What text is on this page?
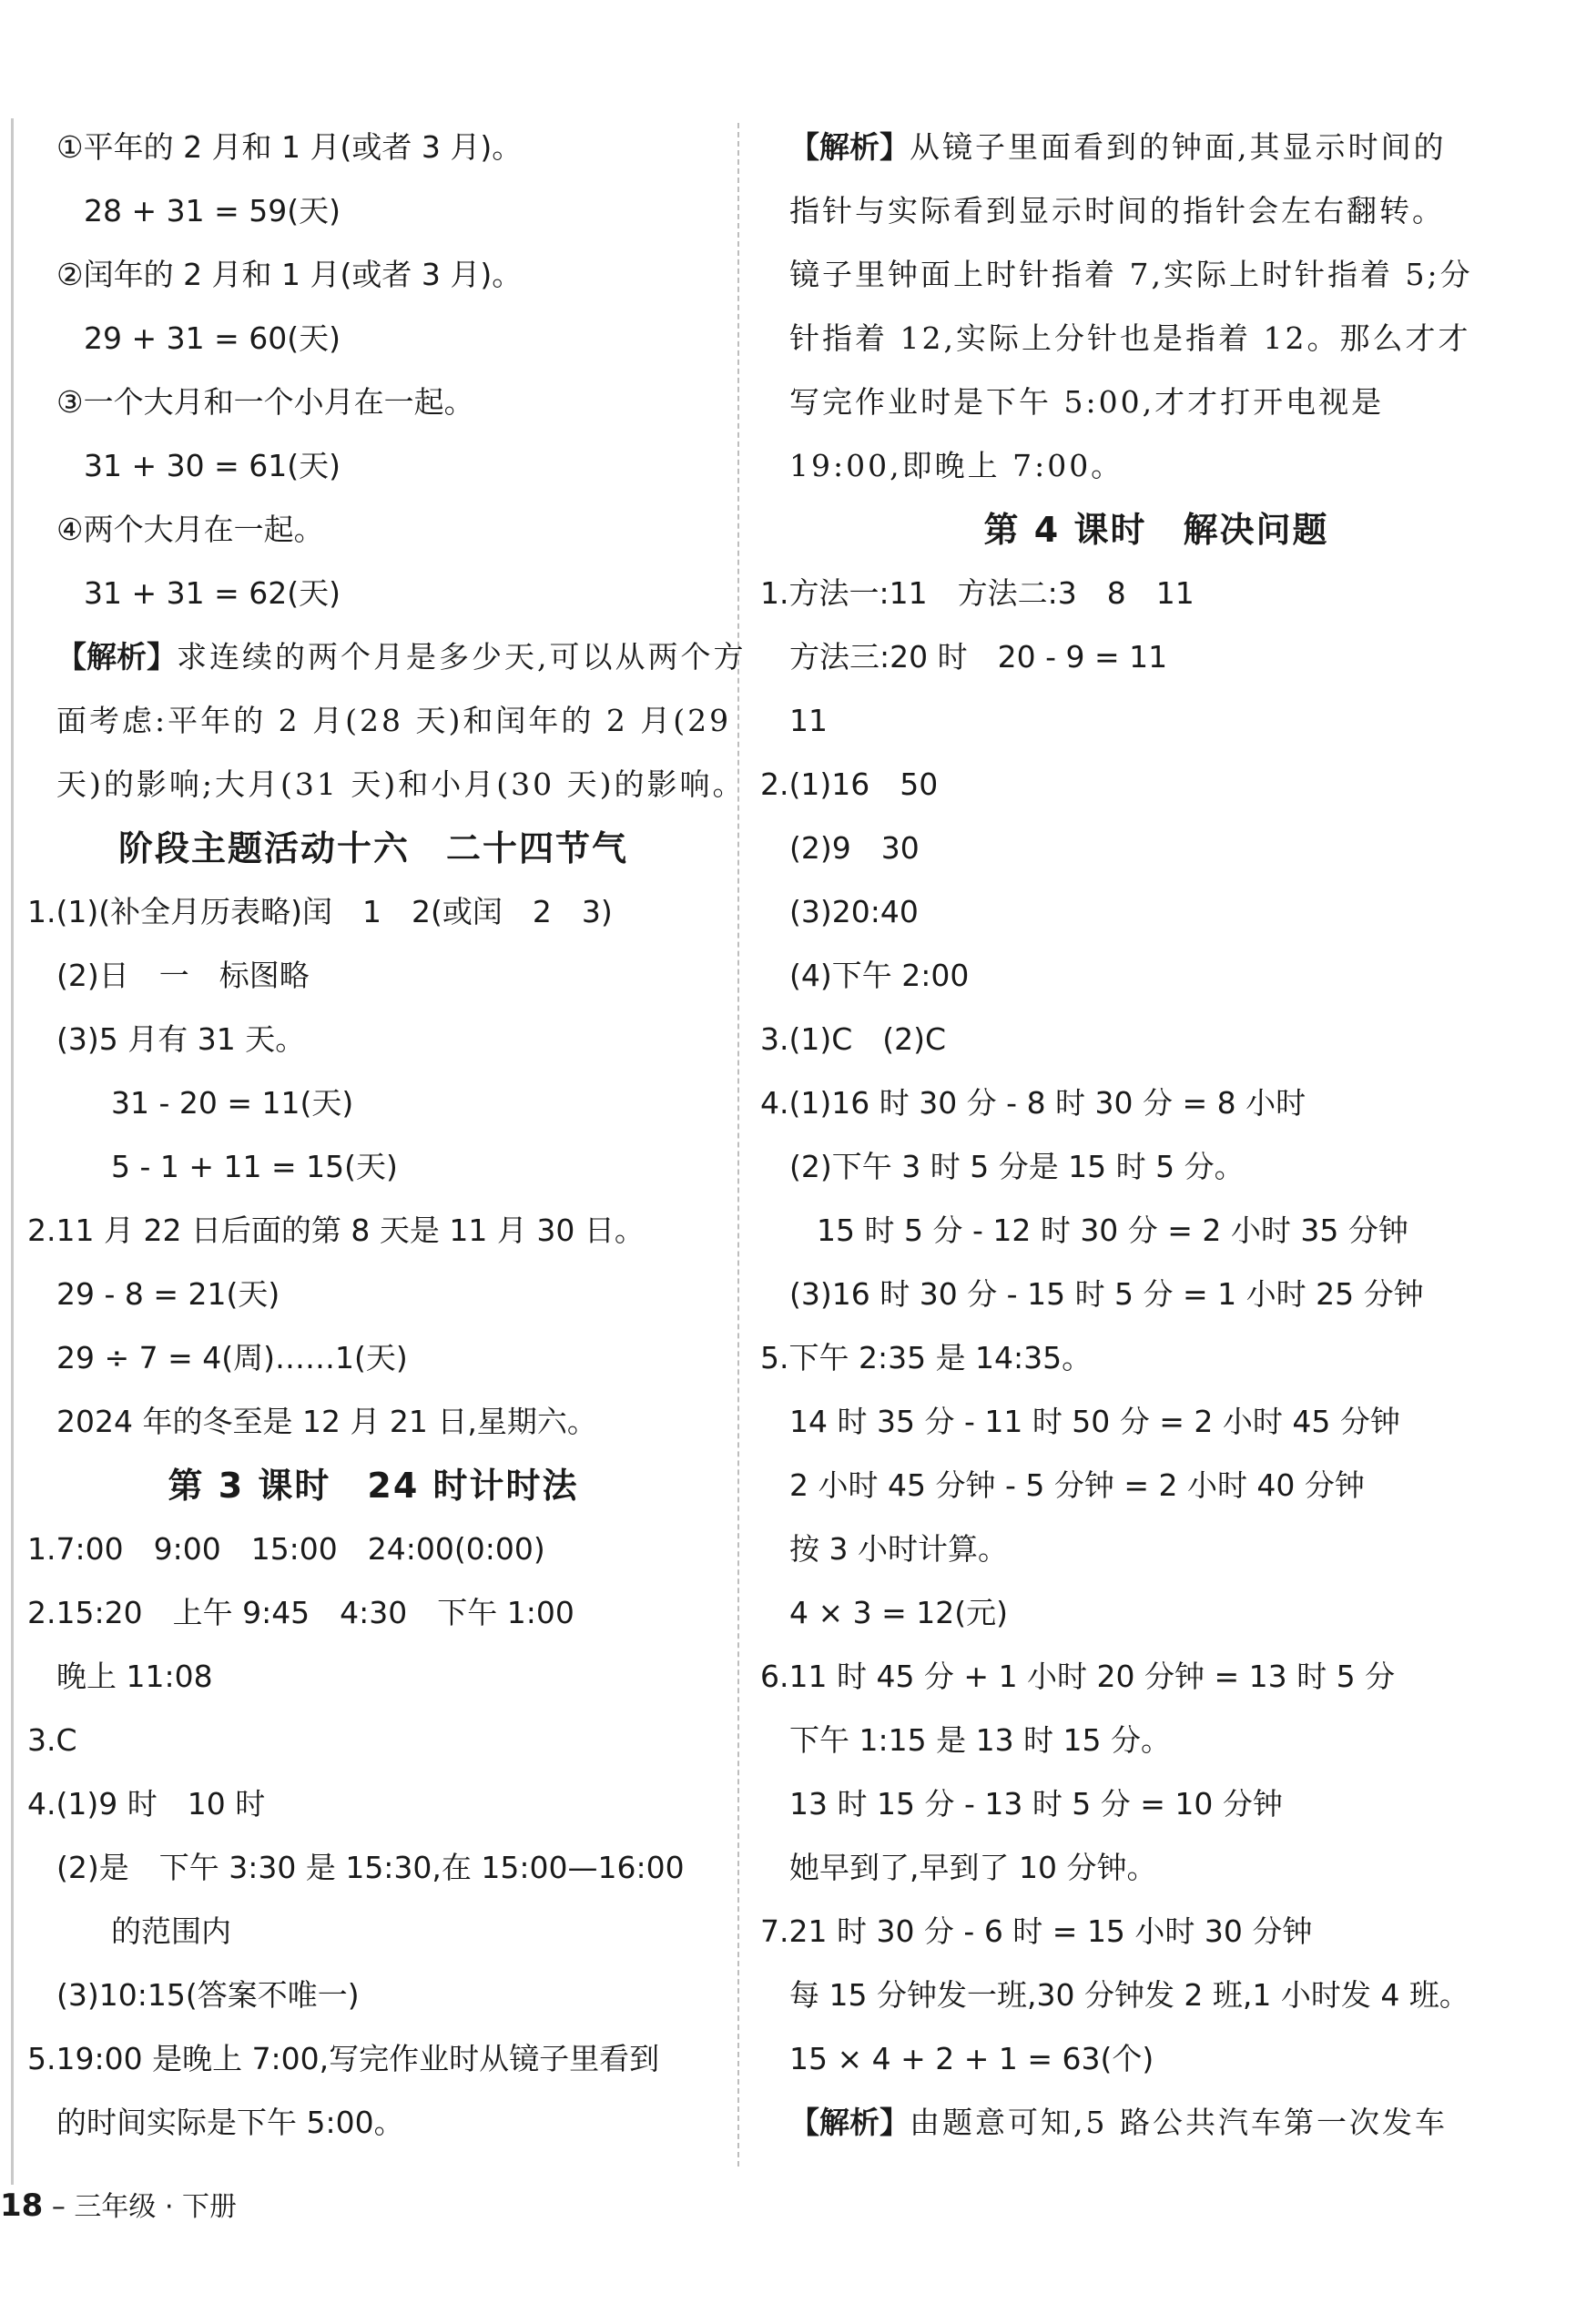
①平年的 2 月和 1 月(或者 3 月)。
28 + 31 = 59(天)
②闰年的 2 月和 1 月(或者 3 月)。
29 + 31 = 60(天)
③一个大月和一个小月在一起。
31 + 30 = 61(天)
④两个大月在一起。
31 + 31 = 62(天)
【解析】求连续的两个月是多少天,可以从两个方
面考虑:平年的 2 月(28 天)和闰年的 2 月(29
天)的影响;大月(31 天)和小月(30 天)的影响。
阶段主题活动十六　二十四节气
1.(1)(补全月历表略)闰　1　2(或闰　2　3)
(2)日　一　标图略
(3)5 月有 31 天。
31 - 20 = 11(天)
5 - 1 + 11 = 15(天)
2.11 月 22 日后面的第 8 天是 11 月 30 日。
29 - 8 = 21(天)
29 ÷ 7 = 4(周)……1(天)
2024 年的冬至是 12 月 21 日,星期六。
第 3 课时　24 时计时法
1.7:00　9:00　15:00　24:00(0:00)
2.15:20　上午 9:45　4:30　下午 1:00
晚上 11:08
3.C
4.(1)9 时　10 时
(2)是　下午 3:30 是 15:30,在 15:00—16:00
的范围内
(3)10:15(答案不唯一)
5.19:00 是晚上 7:00,写完作业时从镜子里看到
的时间实际是下午 5:00。
【解析】从镜子里面看到的钟面,其显示时间的
指针与实际看到显示时间的指针会左右翻转。
镜子里钟面上时针指着 7,实际上时针指着 5;分
针指着 12,实际上分针也是指着 12。那么才才
写完作业时是下午 5:00,才才打开电视是
19:00,即晚上 7:00。
第 4 课时　解决问题
1.方法一:11　方法二:3　8　11
方法三:20 时　20 - 9 = 11
11
2.(1)16　50
(2)9　30
(3)20:40
(4)下午 2:00
3.(1)C　(2)C
4.(1)16 时 30 分 - 8 时 30 分 = 8 小时
(2)下午 3 时 5 分是 15 时 5 分。
15 时 5 分 - 12 时 30 分 = 2 小时 35 分钟
(3)16 时 30 分 - 15 时 5 分 = 1 小时 25 分钟
5.下午 2:35 是 14:35。
14 时 35 分 - 11 时 50 分 = 2 小时 45 分钟
2 小时 45 分钟 - 5 分钟 = 2 小时 40 分钟
按 3 小时计算。
4 × 3 = 12(元)
6.11 时 45 分 + 1 小时 20 分钟 = 13 时 5 分
下午 1:15 是 13 时 15 分。
13 时 15 分 - 13 时 5 分 = 10 分钟
她早到了,早到了 10 分钟。
7.21 时 30 分 - 6 时 = 15 小时 30 分钟
每 15 分钟发一班,30 分钟发 2 班,1 小时发 4 班。
15 × 4 + 2 + 1 = 63(个)
【解析】由题意可知,5 路公共汽车第一次发车
18 – 三年级 · 下册
